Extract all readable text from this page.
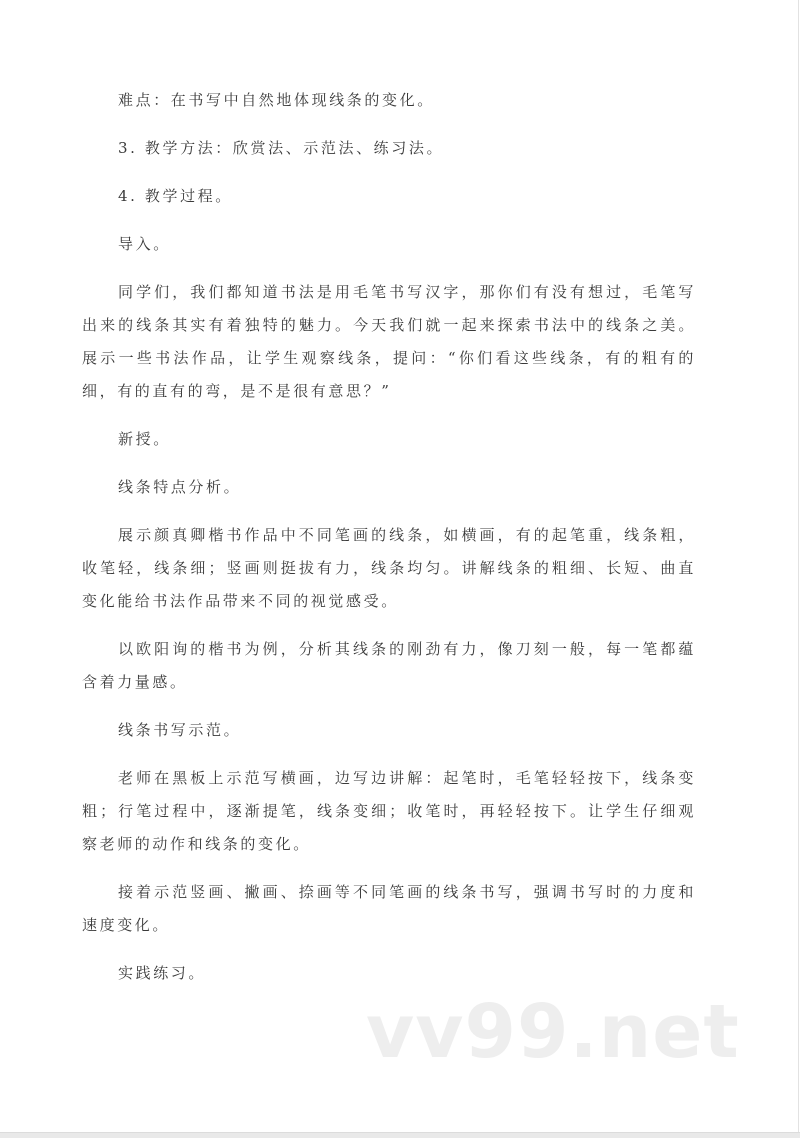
难点：在书写中自然地体现线条的变化。

3. 教学方法：欣赏法、示范法、练习法。

4. 教学过程。

导入。

同学们，我们都知道书法是用毛笔书写汉字，那你们有没有想过，毛笔写出来的线条其实有着独特的魅力。今天我们就一起来探索书法中的线条之美。展示一些书法作品，让学生观察线条，提问：“你们看这些线条，有的粗有的细，有的直有的弯，是不是很有意思？”

新授。

线条特点分析。

展示颜真卿楷书作品中不同笔画的线条，如横画，有的起笔重，线条粗，收笔轻，线条细；竖画则挺拔有力，线条均匀。讲解线条的粗细、长短、曲直变化能给书法作品带来不同的视觉感受。

以欧阳询的楷书为例，分析其线条的刚劲有力，像刀刻一般，每一笔都蕴含着力量感。

线条书写示范。

老师在黑板上示范写横画，边写边讲解：起笔时，毛笔轻轻按下，线条变粗；行笔过程中，逐渐提笔，线条变细；收笔时，再轻轻按下。让学生仔细观察老师的动作和线条的变化。

接着示范竖画、撇画、捺画等不同笔画的线条书写，强调书写时的力度和速度变化。

实践练习。

vv99.net
